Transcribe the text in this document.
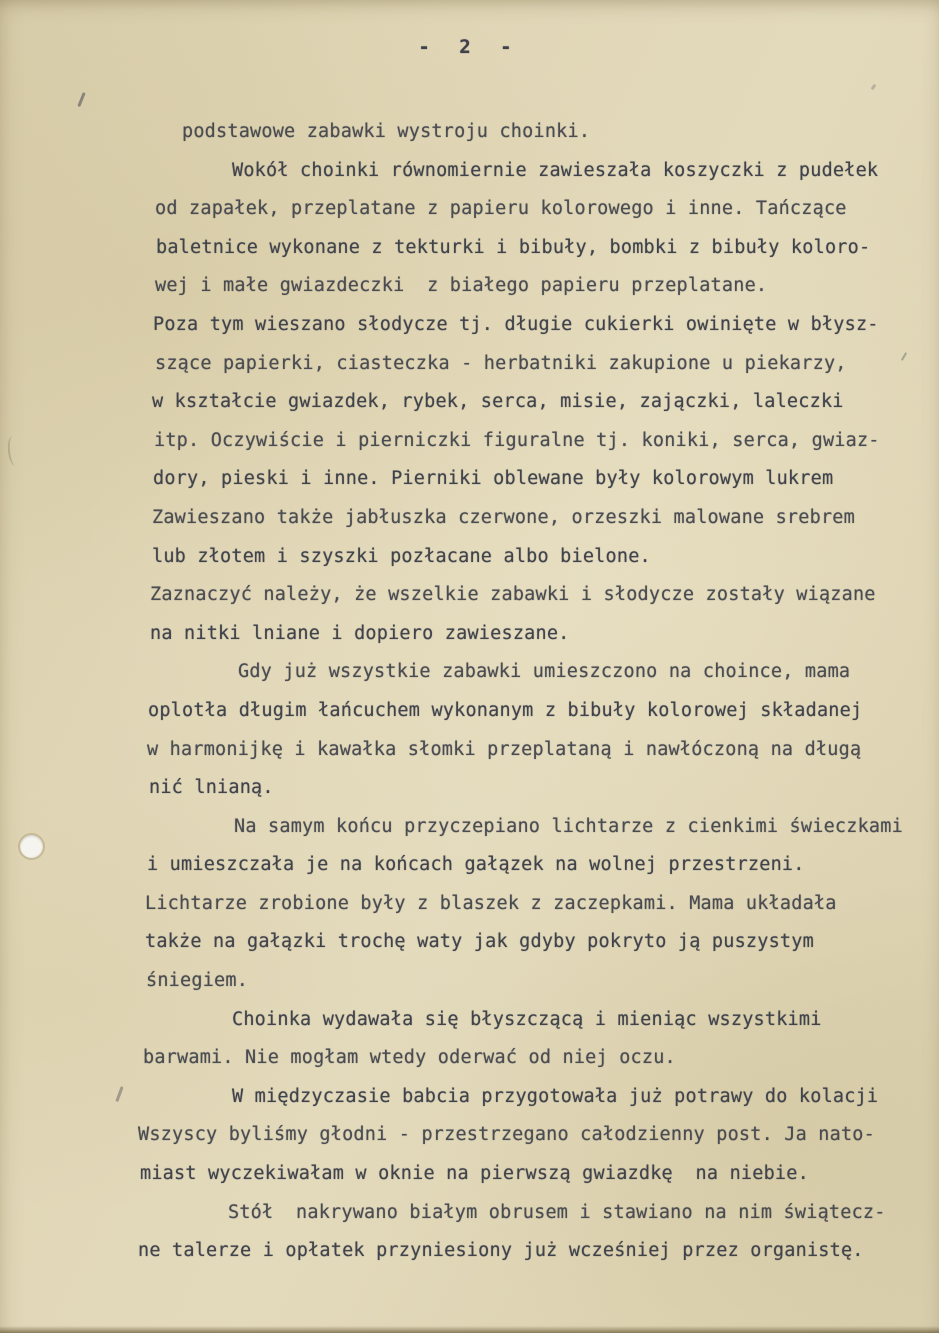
- 2 -
podstawowe zabawki wystroju choinki.
Wokół choinki równomiernie zawieszała koszyczki z pudełek
od zapałek, przeplatane z papieru kolorowego i inne. Tańczące
baletnice wykonane z tekturki i bibuły, bombki z bibuły koloro-
wej i małe gwiazdeczki  z białego papieru przeplatane.
Poza tym wieszano słodycze tj. długie cukierki owinięte w błysz-
szące papierki, ciasteczka - herbatniki zakupione u piekarzy,
w kształcie gwiazdek, rybek, serca, misie, zajączki, laleczki
itp. Oczywiście i pierniczki figuralne tj. koniki, serca, gwiaz-
dory, pieski i inne. Pierniki oblewane były kolorowym lukrem
Zawieszano także jabłuszka czerwone, orzeszki malowane srebrem
lub złotem i szyszki pozłacane albo bielone.
Zaznaczyć należy, że wszelkie zabawki i słodycze zostały wiązane
na nitki lniane i dopiero zawieszane.
Gdy już wszystkie zabawki umieszczono na choince, mama
oplotła długim łańcuchem wykonanym z bibuły kolorowej składanej
w harmonijkę i kawałka słomki przeplataną i nawłóczoną na długą
nić lnianą.
Na samym końcu przyczepiano lichtarze z cienkimi świeczkami
i umieszczała je na końcach gałązek na wolnej przestrzeni.
Lichtarze zrobione były z blaszek z zaczepkami. Mama układała
także na gałązki trochę waty jak gdyby pokryto ją puszystym
śniegiem.
Choinka wydawała się błyszczącą i mieniąc wszystkimi
barwami. Nie mogłam wtedy oderwać od niej oczu.
W międzyczasie babcia przygotowała już potrawy do kolacji
Wszyscy byliśmy głodni - przestrzegano całodzienny post. Ja nato-
miast wyczekiwałam w oknie na pierwszą gwiazdkę  na niebie.
Stół  nakrywano białym obrusem i stawiano na nim świątecz-
ne talerze i opłatek przyniesiony już wcześniej przez organistę.
